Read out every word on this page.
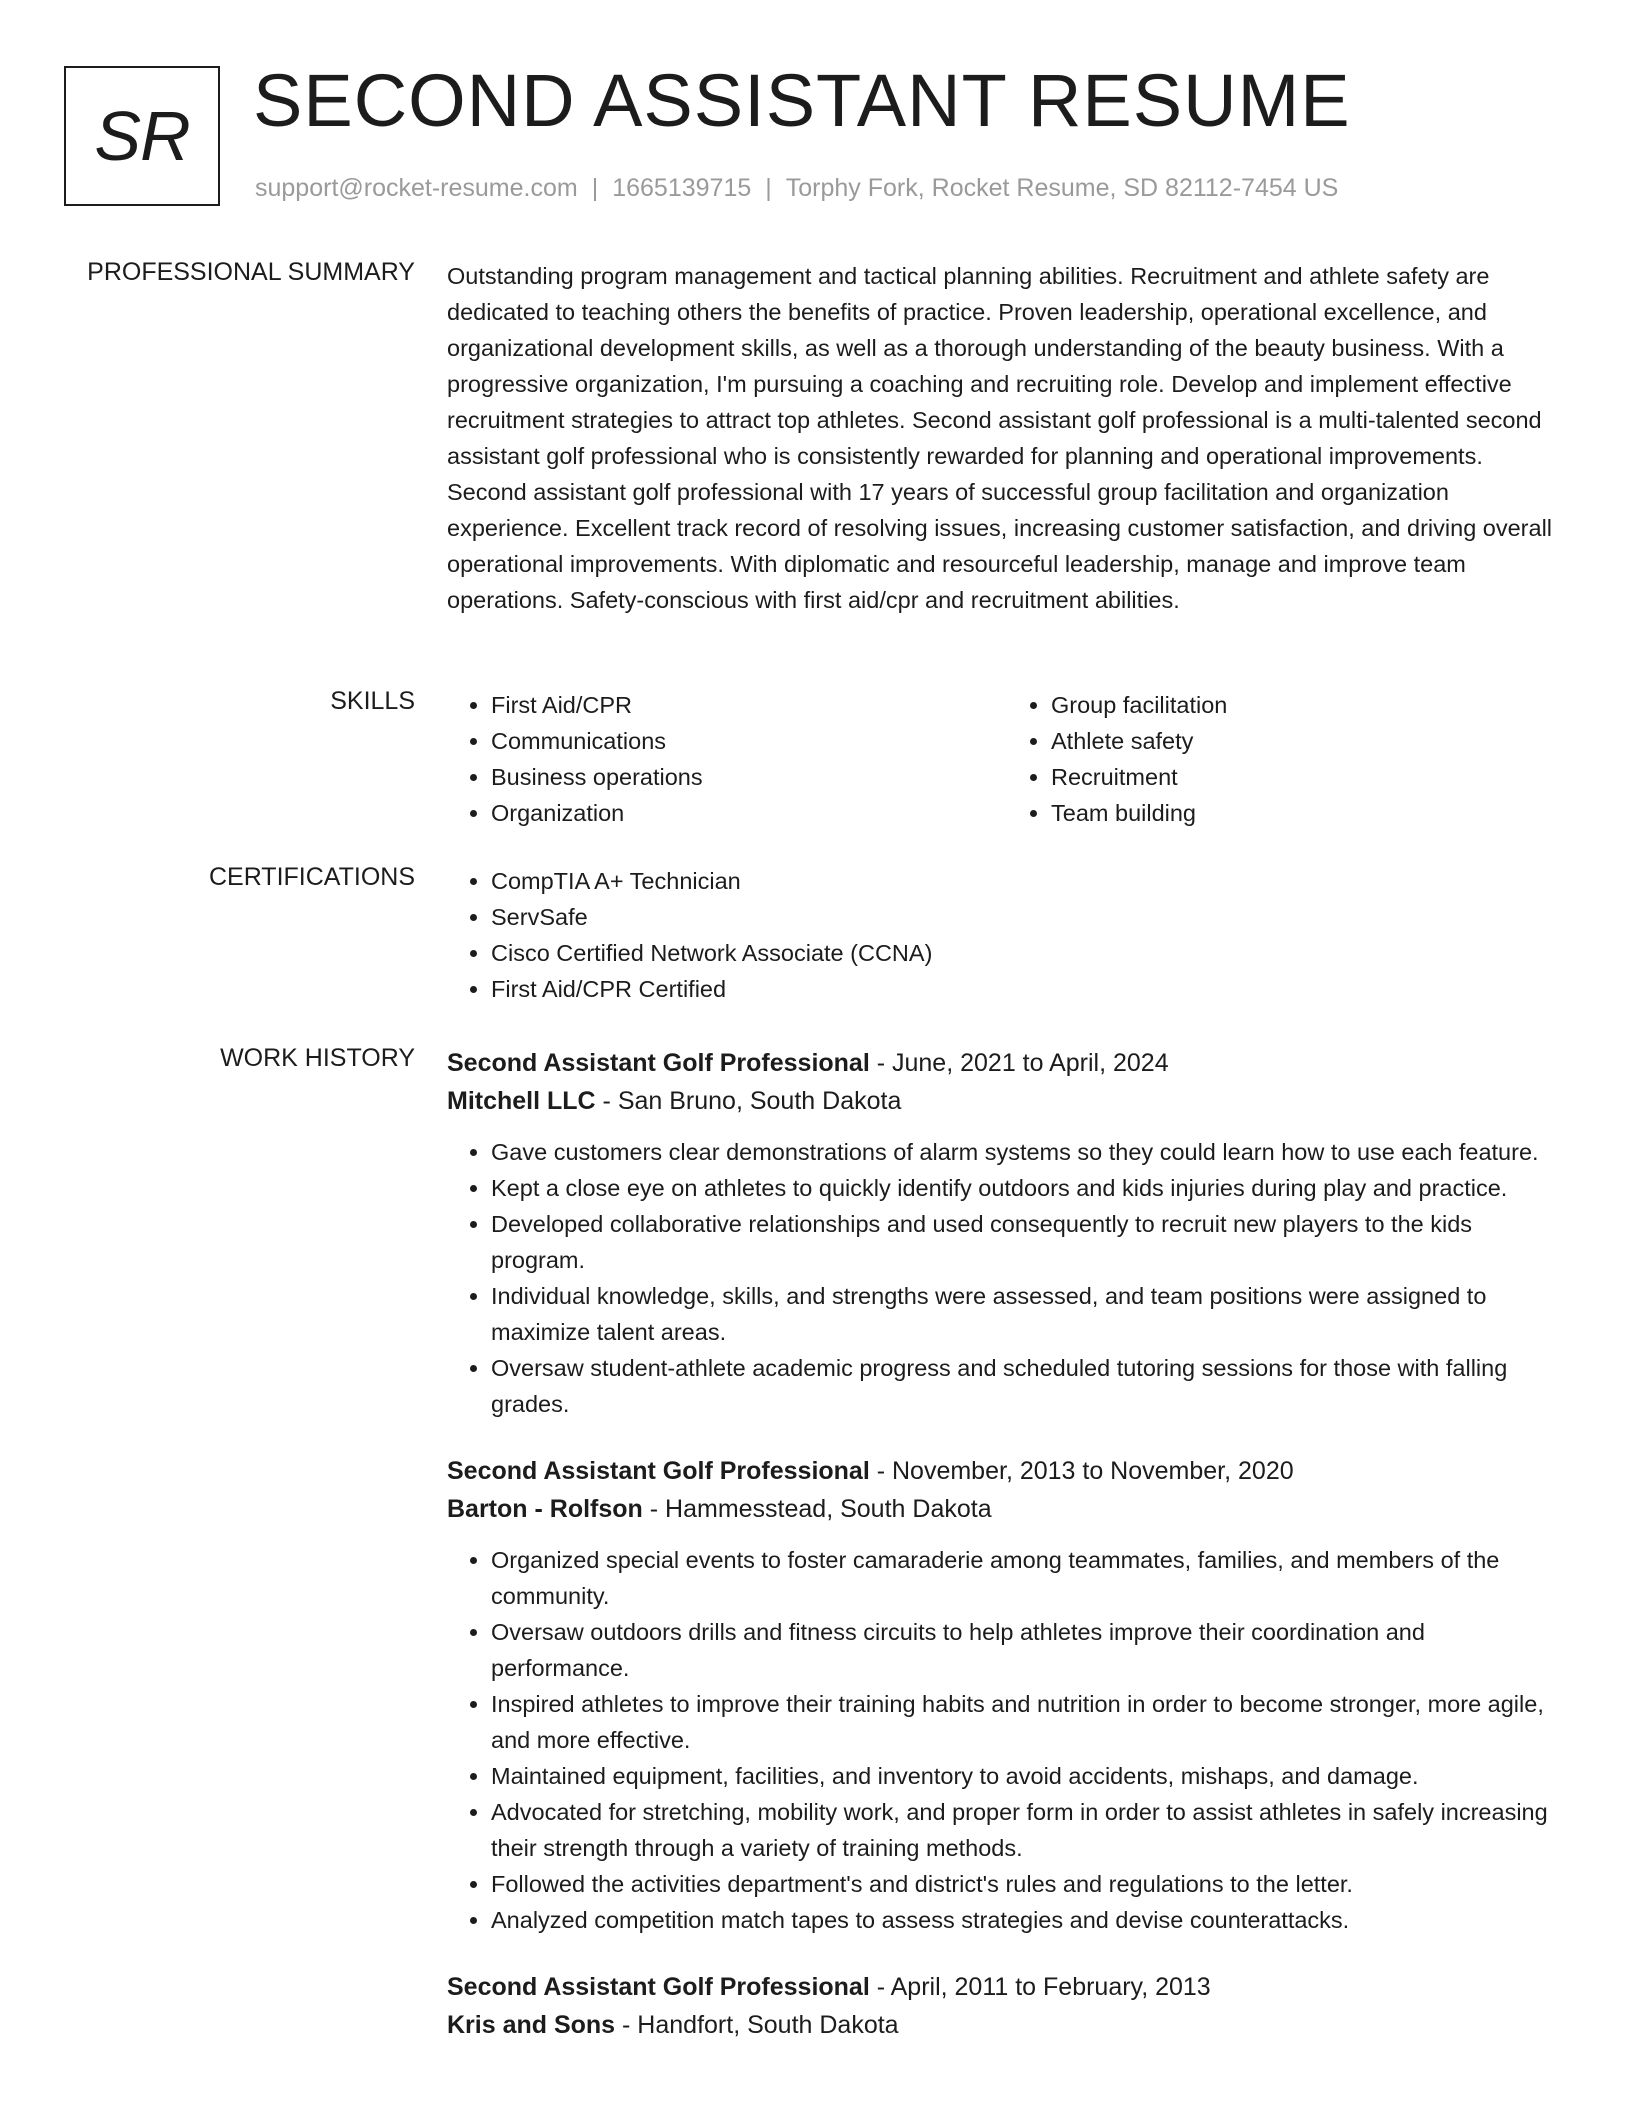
SR SECOND ASSISTANT RESUME
support@rocket-resume.com | 1665139715 | Torphy Fork, Rocket Resume, SD 82112-7454 US
PROFESSIONAL SUMMARY Outstanding program management and tactical planning abilities. Recruitment and athlete safety are dedicated to teaching others the benefits of practice. Proven leadership, operational excellence, and organizational development skills, as well as a thorough understanding of the beauty business. With a progressive organization, I'm pursuing a coaching and recruiting role. Develop and implement effective recruitment strategies to attract top athletes. Second assistant golf professional is a multi-talented second assistant golf professional who is consistently rewarded for planning and operational improvements. Second assistant golf professional with 17 years of successful group facilitation and organization experience. Excellent track record of resolving issues, increasing customer satisfaction, and driving overall operational improvements. With diplomatic and resourceful leadership, manage and improve team operations. Safety-conscious with first aid/cpr and recruitment abilities.

SKILLS	• First Aid/CPR
• Communications
• Business operations
• Organization
• Group facilitation
• Athlete safety
• Recruitment
• Team building
CERTIFICATIONS	• CompTIA A+ Technician
• ServSafe
• Cisco Certified Network Associate (CCNA)
• First Aid/CPR Certified
WORK HISTORY Second Assistant Golf Professional - June, 2021 to April, 2024
Mitchell LLC - San Bruno, South Dakota
• Gave customers clear demonstrations of alarm systems so they could learn how to use each feature.
• Kept a close eye on athletes to quickly identify outdoors and kids injuries during play and practice.
• Developed collaborative relationships and used consequently to recruit new players to the kids program.
• Individual knowledge, skills, and strengths were assessed, and team positions were assigned to maximize talent areas.
• Oversaw student-athlete academic progress and scheduled tutoring sessions for those with falling grades.
Second Assistant Golf Professional - November, 2013 to November, 2020
Barton - Rolfson - Hammesstead, South Dakota
• Organized special events to foster camaraderie among teammates, families, and members of the community.
• Oversaw outdoors drills and fitness circuits to help athletes improve their coordination and performance.
• Inspired athletes to improve their training habits and nutrition in order to become stronger, more agile, and more effective.
• Maintained equipment, facilities, and inventory to avoid accidents, mishaps, and damage.
• Advocated for stretching, mobility work, and proper form in order to assist athletes in safely increasing their strength through a variety of training methods.
• Followed the activities department's and district's rules and regulations to the letter.
• Analyzed competition match tapes to assess strategies and devise counterattacks.
Second Assistant Golf Professional - April, 2011 to February, 2013
Kris and Sons - Handfort, South Dakota
